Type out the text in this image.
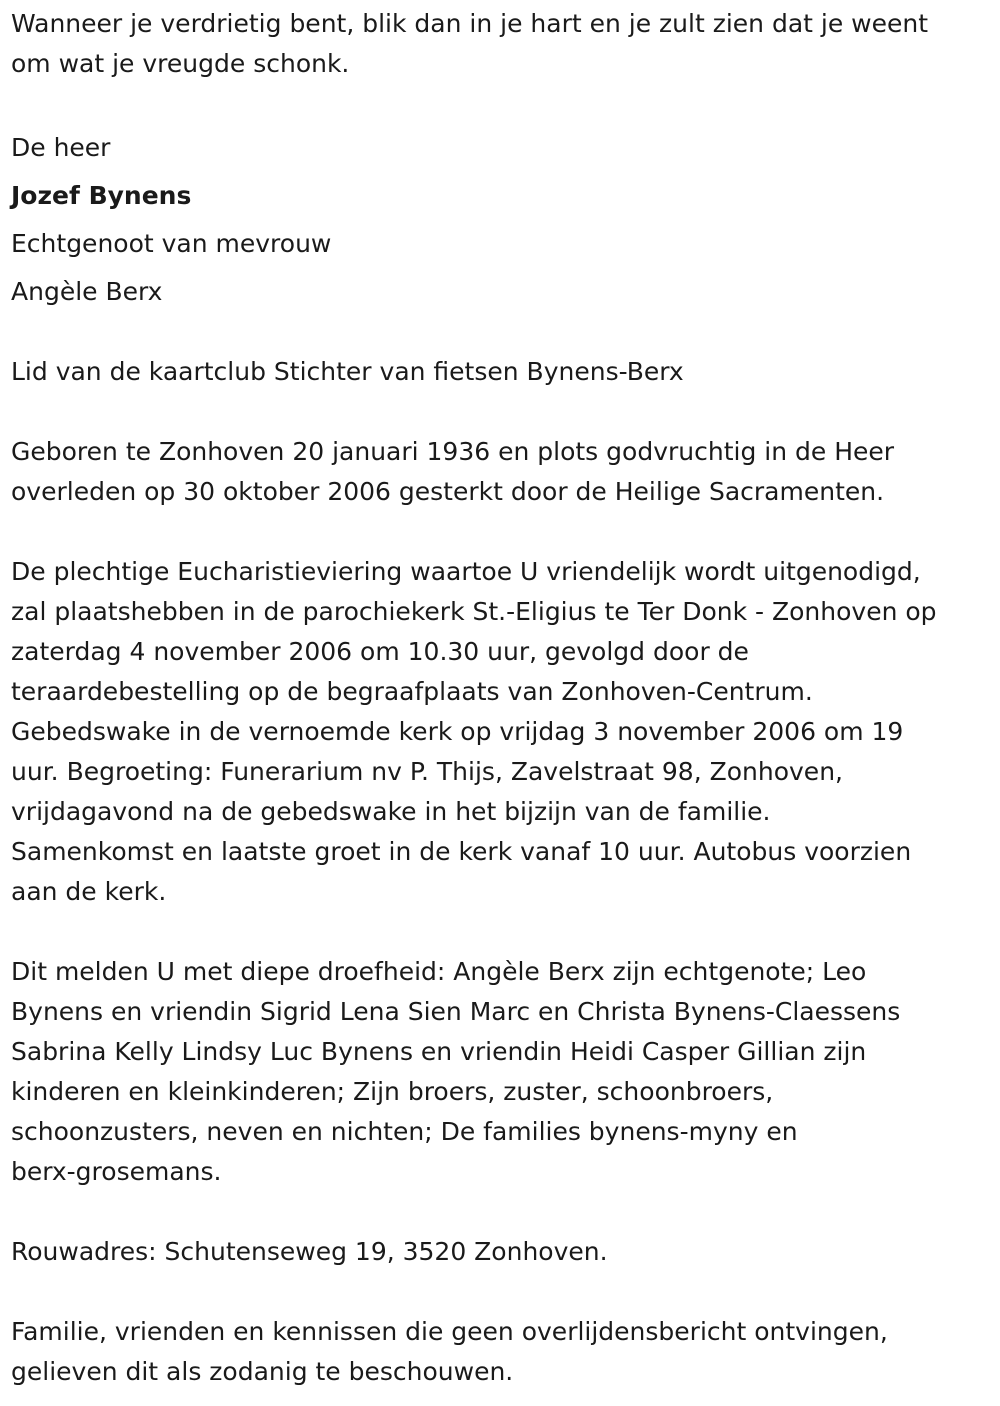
Wanneer je verdrietig bent, blik dan in je hart en je zult zien dat je weent

om wat je vreugde schonk.

De heer

Jozef Bynens

Echtgenoot van mevrouw

Angèle Berx

Lid van de kaartclub Stichter van fietsen Bynens-Berx

Geboren te Zonhoven 20 januari 1936 en plots godvruchtig in de Heer

overleden op 30 oktober 2006 gesterkt door de Heilige Sacramenten.

De plechtige Eucharistieviering waartoe U vriendelijk wordt uitgenodigd,

zal plaatshebben in de parochiekerk St.-Eligius te Ter Donk - Zonhoven op

zaterdag 4 november 2006 om 10.30 uur, gevolgd door de

teraardebestelling op de begraafplaats van Zonhoven-Centrum.

Gebedswake in de vernoemde kerk op vrijdag 3 november 2006 om 19

uur. Begroeting: Funerarium nv P. Thijs, Zavelstraat 98, Zonhoven,

vrijdagavond na de gebedswake in het bijzijn van de familie.

Samenkomst en laatste groet in de kerk vanaf 10 uur. Autobus voorzien

aan de kerk.

Dit melden U met diepe droefheid: Angèle Berx zijn echtgenote; Leo

Bynens en vriendin Sigrid Lena Sien Marc en Christa Bynens-Claessens

Sabrina Kelly Lindsy Luc Bynens en vriendin Heidi Casper Gillian zijn

kinderen en kleinkinderen; Zijn broers, zuster, schoonbroers,

schoonzusters, neven en nichten; De families bynens-myny en

berx-grosemans.

Rouwadres: Schutenseweg 19, 3520 Zonhoven.

Familie, vrienden en kennissen die geen overlijdensbericht ontvingen,

gelieven dit als zodanig te beschouwen.
